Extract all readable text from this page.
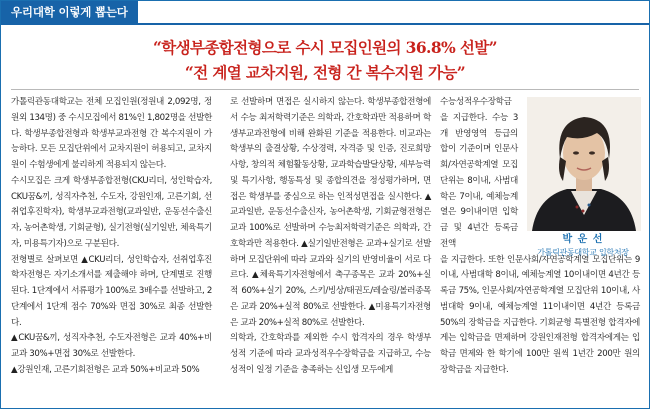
우리대학 이렇게 뽑는다
“학생부종합전형으로 수시 모집인원의 36.8% 선발”
“전 계열 교차지원, 전형 간 복수지원 가능”

가톨릭관동대학교는 전체 모집인원(정원내 2,092명, 정원외 134명) 중 수시모집에서 81%인 1,802명을 선발한다. 학생부종합전형과 학생부교과전형 간 복수지원이 가능하다. 모든 모집단위에서 교차지원이 허용되고, 교차지원이 수험생에게 불리하게 적용되지 않는다.

수시모집은 크게 학생부종합전형(CKU리더, 성인학습자, CKU꿈&끼, 성직자추천, 수도자, 강원인재, 고른기회, 선취업후진학자), 학생부교과전형(교과일반, 운동선수출신자, 농어촌학생, 기회균형), 실기전형(실기일반, 체육특기자, 미용특기자)으로 구분된다.

전형별로 살펴보면 ▲CKU리더, 성인학습자, 선취업후진학자전형은 자기소개서를 제출해야 하며, 단계별로 진행된다. 1단계에서 서류평가 100%로 3배수를 선발하고, 2단계에서 1단계 점수 70%와 면접 30%로 최종 선발한다.

▲CKU꿈&끼, 성직자추천, 수도자전형은 교과 40%+비교과 30%+면접 30%로 선발한다.

▲강원인재, 고른기회전형은 교과 50%+비교과 50%

로 선발하며 면접은 실시하지 않는다. 학생부종합전형에서 수능 최저학력기준은 의학과, 간호학과만 적용하며 학생부교과전형에 비해 완화된 기준을 적용한다. 비교과는 학생부의 출결상황, 수상경력, 자격증 및 인증, 진로희망사항, 창의적 체험활동상황, 교과학습발달상황, 세부능력 및 특기사항, 행동특성 및 종합의견을 정성평가하며, 면접은 학생부를 중심으로 하는 인적성면접을 실시한다. ▲교과일반, 운동선수출신자, 농어촌학생, 기회균형전형은 교과 100%로 선발하며 수능최저학력기준은 의학과, 간호학과만 적용한다. ▲실기일반전형은 교과+실기로 선발하며 모집단위에 따라 교과와 실기의 반영비율이 서로 다르다. ▲체육특기자전형에서 축구종목은 교과 20%+실적 60%+실기 20%, 스키/빙상/태권도/레슬링/볼러종목은 교과 20%+실적 80%로 선발한다. ▲미용특기자전형은 교과 20%+실적 80%로 선발한다.

의학과, 간호학과를 제외한 수시 합격자의 경우 학생부 성적 기준에 따라 교과성적우수장학금을 지급하고, 수능 성적이 일정 기준을 충족하는 신입생 모두에게

수능성적우수장학금을 지급한다. 수능 3개 반영영역 등급의 합이 기준이며 인문사회/자연공학계열 모집단위는 8이내, 사범대학은 7이내, 예체능계열은 9이내이면 입학금 및 4년간 등록금 전액

을 지급한다. 또한 인문사회/자연공학계열 모집단위는 9이내, 사범대학 8이내, 예체능계열 10이내이면 4년간 등록금 75%, 인문사회/자연공학계열 모집단위 10이내, 사범대학 9이내, 예체능계열 11이내이면 4년간 등록금 50%의 장학금을 지급한다. 기회균형 특별전형 합격자에게는 입학금을 면제하며 강원인재전형 합격자에게는 입학금 면제와 한 학기에 100만 원씩 1년간 200만 원의 장학금을 지급한다.

박 운 선
가톨릭관동대학교 입학처장
